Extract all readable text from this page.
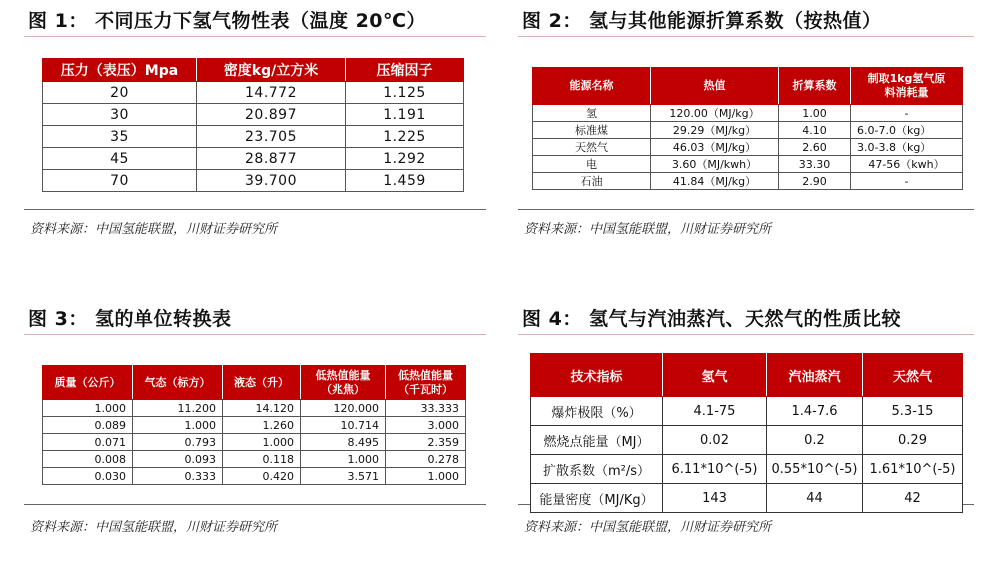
图 1： 不同压力下氢气物性表（温度 20℃）
资料来源：中国氢能联盟，川财证券研究所
压力（表压）Mpa	密度kg/立方米	压缩因子
20	14.772	1.125
30	20.897	1.191
35	23.705	1.225
45	28.877	1.292
70	39.700	1.459
图 2： 氢与其他能源折算系数（按热值）
资料来源：中国氢能联盟，川财证券研究所
能源名称	热值	折算系数	制取1kg氢气原料消耗量
氢	120.00（MJ/kg）	1.00	-
标准煤	29.29（MJ/kg）	4.10	6.0-7.0（kg）
天然气	46.03（MJ/kg）	2.60	3.0-3.8（kg）
电	3.60（MJ/kwh）	33.30	47-56（kwh）
石油	41.84（MJ/kg）	2.90	-
图 3： 氢的单位转换表
资料来源：中国氢能联盟，川财证券研究所
质量（公斤）	气态（标方）	液态（升）	低热值能量（兆焦）	低热值能量（千瓦时）
1.000	11.200	14.120	120.000	33.333
0.089	1.000	1.260	10.714	3.000
0.071	0.793	1.000	8.495	2.359
0.008	0.093	0.118	1.000	0.278
0.030	0.333	0.420	3.571	1.000
图 4： 氢气与汽油蒸汽、天然气的性质比较
资料来源：中国氢能联盟，川财证券研究所
技术指标	氢气	汽油蒸汽	天然气
爆炸极限（%）	4.1-75	1.4-7.6	5.3-15
燃烧点能量（MJ）	0.02	0.2	0.29
扩散系数（m²/s）	6.11*10^(-5)	0.55*10^(-5)	1.61*10^(-5)
能量密度（MJ/Kg）	143	44	42
